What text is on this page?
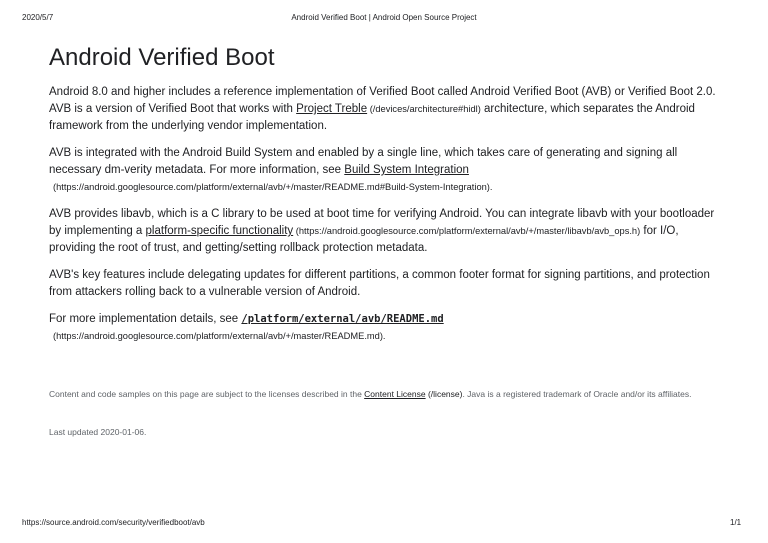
2020/5/7	Android Verified Boot | Android Open Source Project
Android Verified Boot

Android 8.0 and higher includes a reference implementation of Verified Boot called Android Verified Boot (AVB) or Verified Boot 2.0. AVB is a version of Verified Boot that works with Project Treble (/devices/architecture#hidl) architecture, which separates the Android framework from the underlying vendor implementation.

AVB is integrated with the Android Build System and enabled by a single line, which takes care of generating and signing all necessary dm-verity metadata. For more information, see Build System Integration
(https://android.googlesource.com/platform/external/avb/+/master/README.md#Build-System-Integration).

AVB provides libavb, which is a C library to be used at boot time for verifying Android. You can integrate libavb with your bootloader by implementing a platform-specific functionality (https://android.googlesource.com/platform/external/avb/+/master/libavb/avb_ops.h) for I/O, providing the root of trust, and getting/setting rollback protection metadata.

AVB's key features include delegating updates for different partitions, a common footer format for signing partitions, and protection from attackers rolling back to a vulnerable version of Android.

For more implementation details, see /platform/external/avb/README.md
(https://android.googlesource.com/platform/external/avb/+/master/README.md).

Content and code samples on this page are subject to the licenses described in the Content License (/license). Java is a registered trademark of Oracle and/or its affiliates.
Last updated 2020-01-06.
https://source.android.com/security/verifiedboot/avb	1/1
